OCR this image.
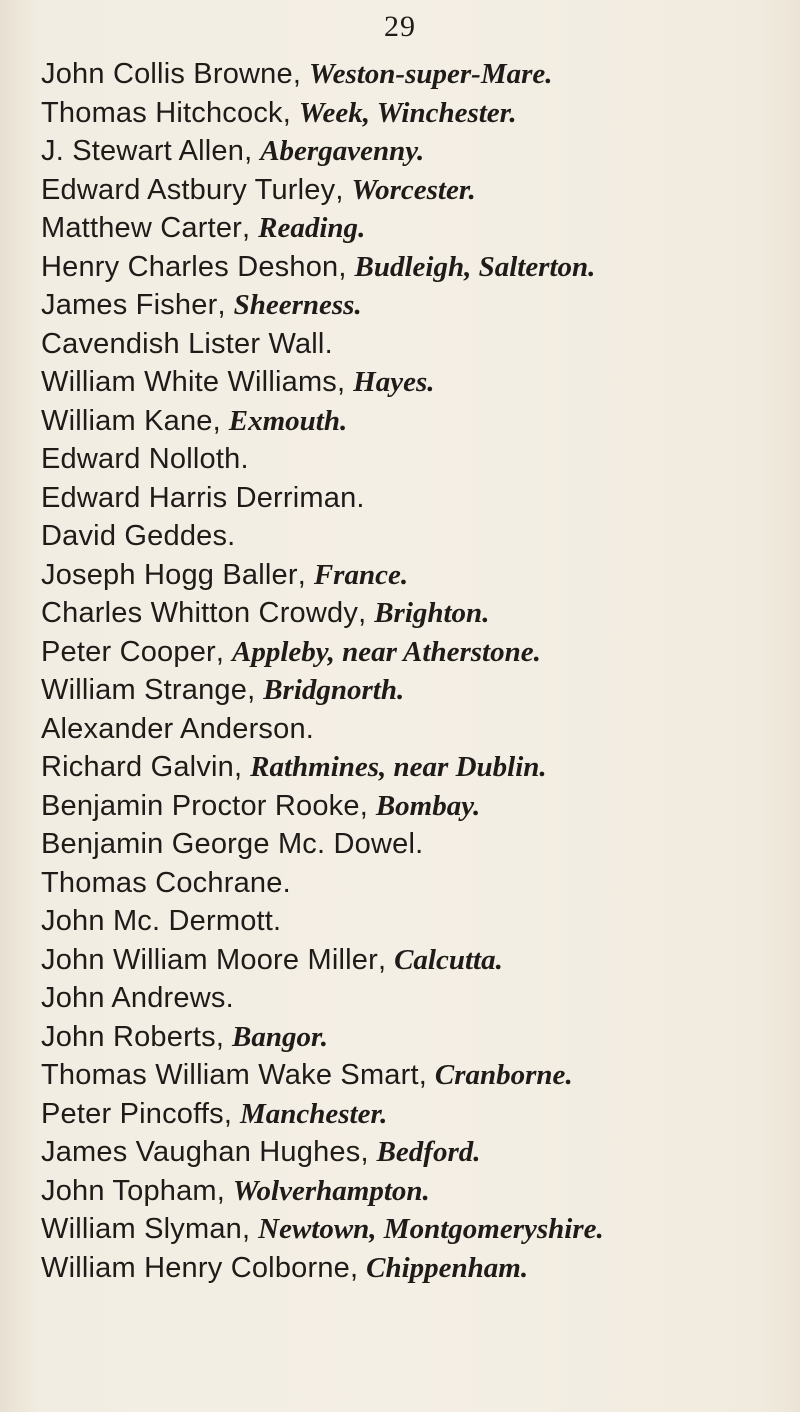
29
John Collis Browne, Weston-super-Mare.
Thomas Hitchcock, Week, Winchester.
J. Stewart Allen, Abergavenny.
Edward Astbury Turley, Worcester.
Matthew Carter, Reading.
Henry Charles Deshon, Budleigh, Salterton.
James Fisher, Sheerness.
Cavendish Lister Wall.
William White Williams, Hayes.
William Kane, Exmouth.
Edward Nolloth.
Edward Harris Derriman.
David Geddes.
Joseph Hogg Baller, France.
Charles Whitton Crowdy, Brighton.
Peter Cooper, Appleby, near Atherstone.
William Strange, Bridgnorth.
Alexander Anderson.
Richard Galvin, Rathmines, near Dublin.
Benjamin Proctor Rooke, Bombay.
Benjamin George Mc. Dowel.
Thomas Cochrane.
John Mc. Dermott.
John William Moore Miller, Calcutta.
John Andrews.
John Roberts, Bangor.
Thomas William Wake Smart, Cranborne.
Peter Pincoffs, Manchester.
James Vaughan Hughes, Bedford.
John Topham, Wolverhampton.
William Slyman, Newtown, Montgomeryshire.
William Henry Colborne, Chippenham.
